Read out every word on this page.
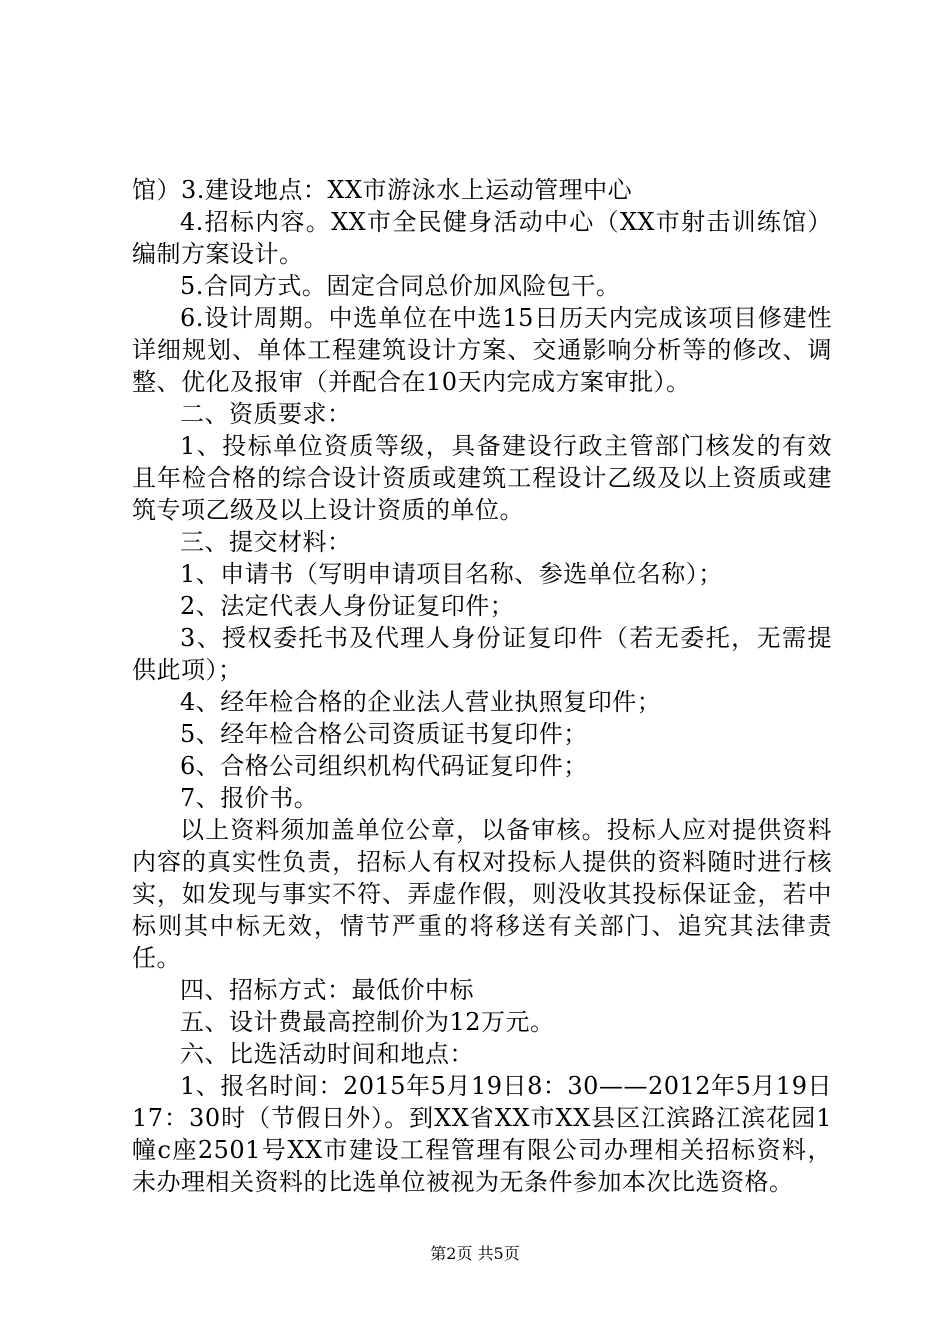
馆）3.建设地点：XX市游泳水上运动管理中心

4.招标内容。XX市全民健身活动中心（XX市射击训练馆）编制方案设计。

5.合同方式。固定合同总价加风险包干。

6.设计周期。中选单位在中选15日历天内完成该项目修建性详细规划、单体工程建筑设计方案、交通影响分析等的修改、调整、优化及报审（并配合在10天内完成方案审批）。

二、资质要求：

1、投标单位资质等级，具备建设行政主管部门核发的有效且年检合格的综合设计资质或建筑工程设计乙级及以上资质或建筑专项乙级及以上设计资质的单位。

三、提交材料：

1、申请书（写明申请项目名称、参选单位名称）；

2、法定代表人身份证复印件；

3、授权委托书及代理人身份证复印件（若无委托，无需提供此项）；

4、经年检合格的企业法人营业执照复印件；

5、经年检合格公司资质证书复印件；

6、合格公司组织机构代码证复印件；

7、报价书。

以上资料须加盖单位公章，以备审核。投标人应对提供资料内容的真实性负责，招标人有权对投标人提供的资料随时进行核实，如发现与事实不符、弄虚作假，则没收其投标保证金，若中标则其中标无效，情节严重的将移送有关部门、追究其法律责任。

四、招标方式：最低价中标

五、设计费最高控制价为12万元。

六、比选活动时间和地点：

1、报名时间：2015年5月19日8：30——2012年5月19日17：30时（节假日外）。到XX省XX市XX县区江滨路江滨花园1幢c座2501号XX市建设工程管理有限公司办理相关招标资料，未办理相关资料的比选单位被视为无条件参加本次比选资格。

第2页 共5页
